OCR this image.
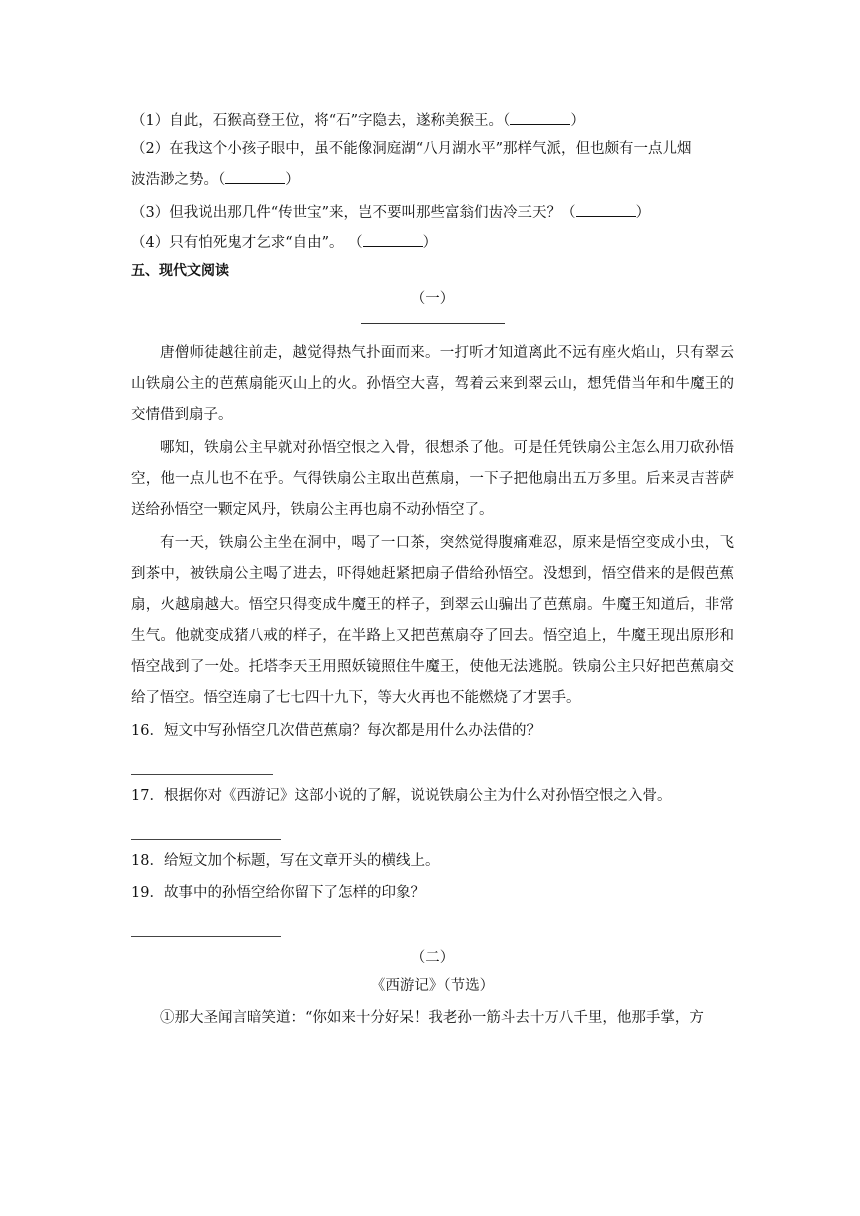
（1）自此，石猴高登王位，将“石”字隐去，遂称美猴王。（	）
（2）在我这个小孩子眼中，虽不能像洞庭湖“八月湖水平”那样气派，但也颇有一点儿烟
波浩渺之势。（	）
（3）但我说出那几件“传世宝”来，岂不要叫那些富翁们齿冷三天？（	）
（4）只有怕死鬼才乞求“自由”。 （	）
五、现代文阅读
（一）

唐僧师徒越往前走，越觉得热气扑面而来。一打听才知道离此不远有座火焰山，只有翠云山铁扇公主的芭蕉扇能灭山上的火。孙悟空大喜，驾着云来到翠云山，想凭借当年和牛魔王的交情借到扇子。

哪知，铁扇公主早就对孙悟空恨之入骨，很想杀了他。可是任凭铁扇公主怎么用刀砍孙悟空，他一点儿也不在乎。气得铁扇公主取出芭蕉扇，一下子把他扇出五万多里。后来灵吉菩萨送给孙悟空一颗定风丹，铁扇公主再也扇不动孙悟空了。

有一天，铁扇公主坐在洞中，喝了一口茶，突然觉得腹痛难忍，原来是悟空变成小虫，飞到茶中，被铁扇公主喝了进去，吓得她赶紧把扇子借给孙悟空。没想到，悟空借来的是假芭蕉扇，火越扇越大。悟空只得变成牛魔王的样子，到翠云山骗出了芭蕉扇。牛魔王知道后，非常生气。他就变成猪八戒的样子，在半路上又把芭蕉扇夺了回去。悟空追上，牛魔王现出原形和悟空战到了一处。托塔李天王用照妖镜照住牛魔王，使他无法逃脱。铁扇公主只好把芭蕉扇交给了悟空。悟空连扇了七七四十九下，等大火再也不能燃烧了才罢手。

16．短文中写孙悟空几次借芭蕉扇？每次都是用什么办法借的？
17．根据你对《西游记》这部小说的了解，说说铁扇公主为什么对孙悟空恨之入骨。
18．给短文加个标题，写在文章开头的横线上。
19．故事中的孙悟空给你留下了怎样的印象？
（二）
《西游记》（节选）
①那大圣闻言暗笑道：“你如来十分好呆！我老孙一筋斗去十万八千里，他那手掌，方
